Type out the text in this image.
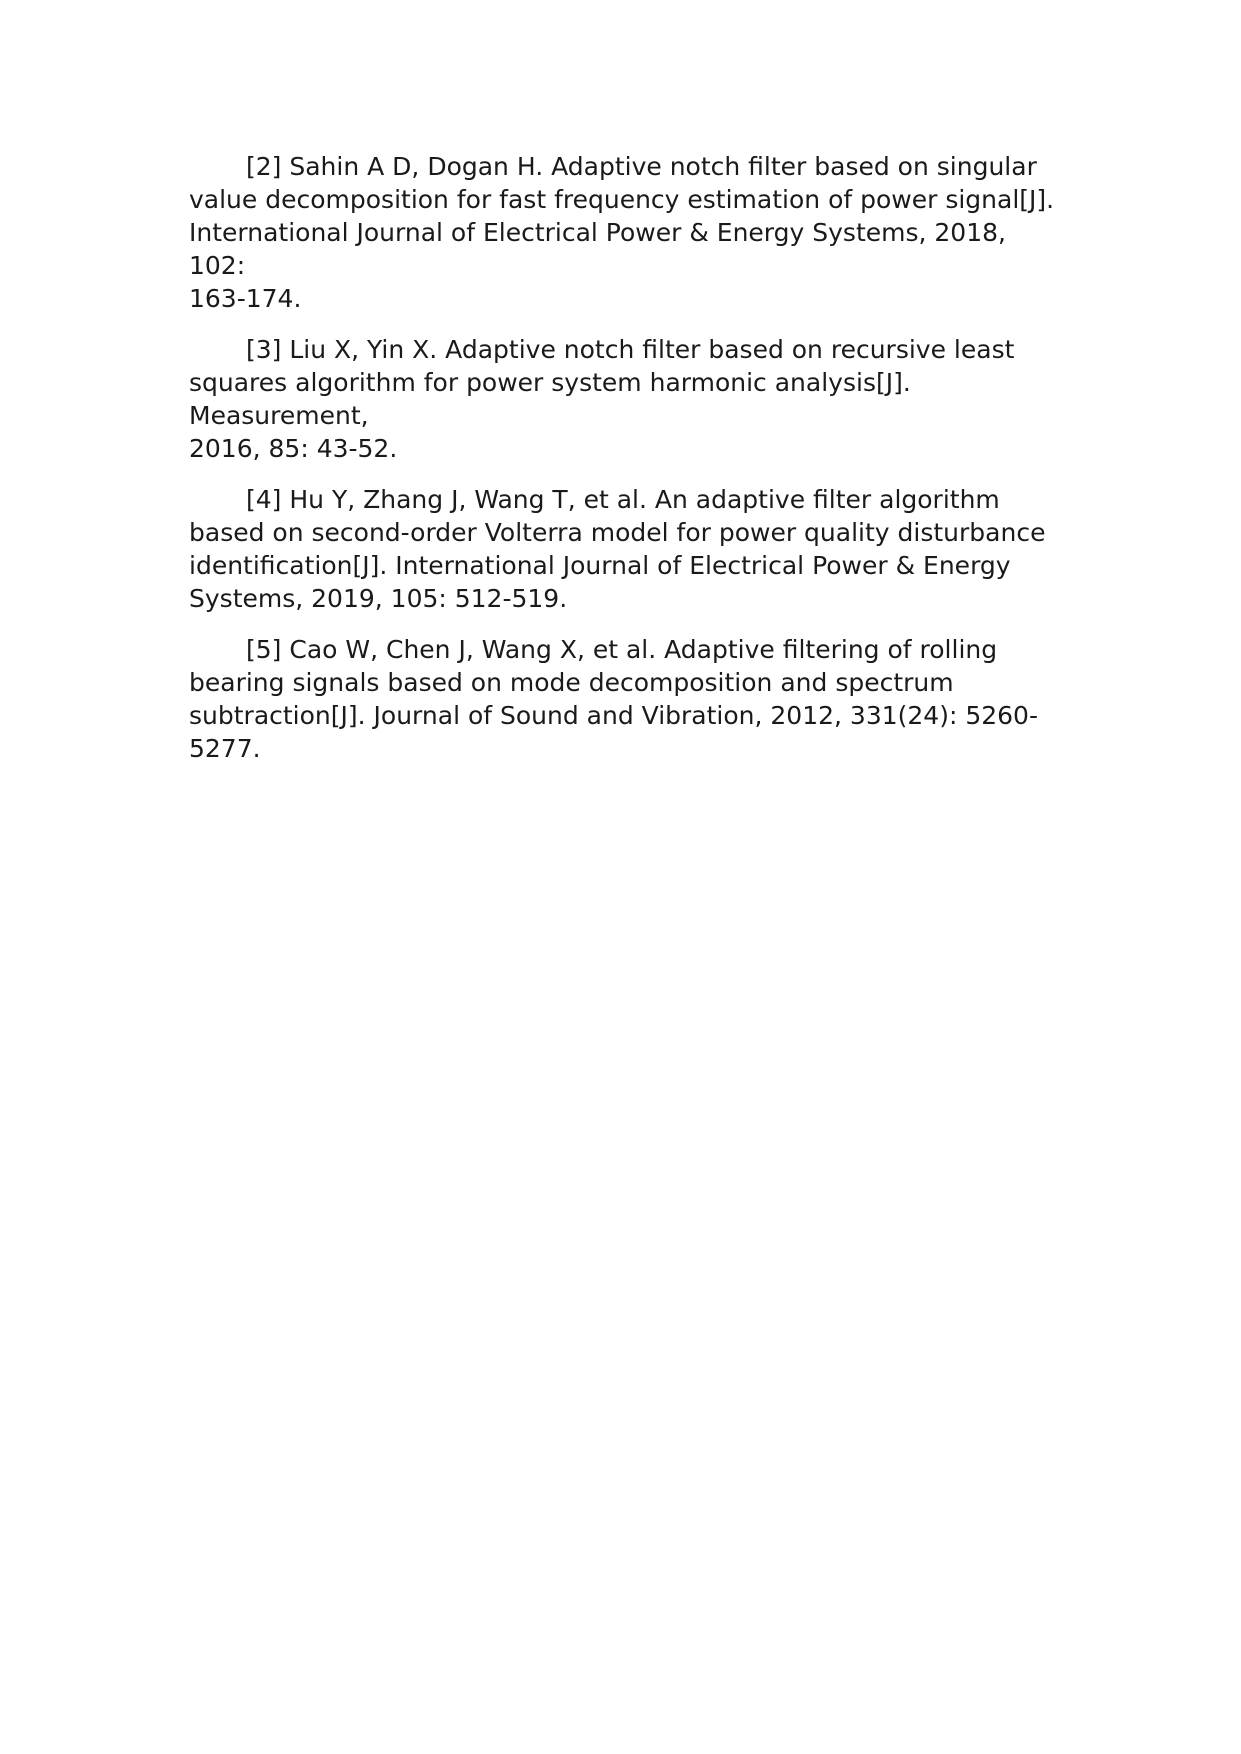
[2] Sahin A D, Dogan H. Adaptive notch filter based on singular
value decomposition for fast frequency estimation of power signal[J].
International Journal of Electrical Power & Energy Systems, 2018, 102:
163-174.

[3] Liu X, Yin X. Adaptive notch filter based on recursive least
squares algorithm for power system harmonic analysis[J]. Measurement,
2016, 85: 43-52.

[4] Hu Y, Zhang J, Wang T, et al. An adaptive filter algorithm
based on second-order Volterra model for power quality disturbance
identification[J]. International Journal of Electrical Power & Energy
Systems, 2019, 105: 512-519.

[5] Cao W, Chen J, Wang X, et al. Adaptive filtering of rolling
bearing signals based on mode decomposition and spectrum
subtraction[J]. Journal of Sound and Vibration, 2012, 331(24): 5260-
5277.
